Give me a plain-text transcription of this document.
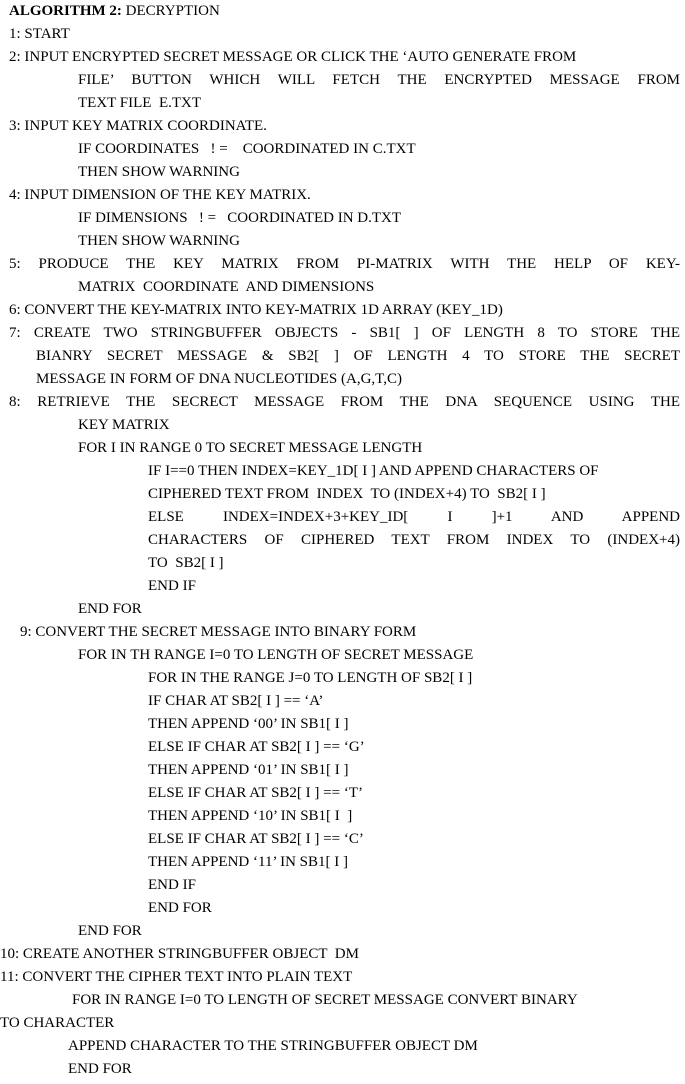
ALGORITHM 2: DECRYPTION
1: START
2: INPUT ENCRYPTED SECRET MESSAGE OR CLICK THE ‘AUTO GENERATE FROM
FILE’ BUTTON WHICH WILL FETCH THE ENCRYPTED MESSAGE FROM
TEXT FILE  E.TXT
3: INPUT KEY MATRIX COORDINATE.
IF COORDINATES   ! =    COORDINATED IN C.TXT
THEN SHOW WARNING
4: INPUT DIMENSION OF THE KEY MATRIX.
IF DIMENSIONS   ! =   COORDINATED IN D.TXT
THEN SHOW WARNING
5: PRODUCE THE KEY MATRIX FROM PI-MATRIX WITH THE HELP OF KEY-
MATRIX  COORDINATE  AND DIMENSIONS
6: CONVERT THE KEY-MATRIX INTO KEY-MATRIX 1D ARRAY (KEY_1D)
7: CREATE TWO STRINGBUFFER OBJECTS - SB1[ ] OF LENGTH 8 TO STORE THE
BIANRY SECRET MESSAGE & SB2[ ] OF LENGTH 4 TO STORE THE SECRET
MESSAGE IN FORM OF DNA NUCLEOTIDES (A,G,T,C)
8: RETRIEVE THE SECRECT MESSAGE FROM THE DNA SEQUENCE USING THE
KEY MATRIX
FOR I IN RANGE 0 TO SECRET MESSAGE LENGTH
IF I==0 THEN INDEX=KEY_1D[ I ] AND APPEND CHARACTERS OF
CIPHERED TEXT FROM  INDEX  TO (INDEX+4) TO  SB2[ I ]
ELSE INDEX=INDEX+3+KEY_ID[ I ]+1 AND APPEND
CHARACTERS OF CIPHERED TEXT FROM INDEX TO (INDEX+4)
TO  SB2[ I ]
END IF
END FOR
9: CONVERT THE SECRET MESSAGE INTO BINARY FORM
FOR IN TH RANGE I=0 TO LENGTH OF SECRET MESSAGE
FOR IN THE RANGE J=0 TO LENGTH OF SB2[ I ]
IF CHAR AT SB2[ I ] == ‘A’
THEN APPEND ‘00’ IN SB1[ I ]
ELSE IF CHAR AT SB2[ I ] == ‘G’
THEN APPEND ‘01’ IN SB1[ I ]
ELSE IF CHAR AT SB2[ I ] == ‘T’
THEN APPEND ‘10’ IN SB1[ I  ]
ELSE IF CHAR AT SB2[ I ] == ‘C’
THEN APPEND ‘11’ IN SB1[ I ]
END IF
END FOR
END FOR
10: CREATE ANOTHER STRINGBUFFER OBJECT  DM
11: CONVERT THE CIPHER TEXT INTO PLAIN TEXT
FOR IN RANGE I=0 TO LENGTH OF SECRET MESSAGE CONVERT BINARY
TO CHARACTER
APPEND CHARACTER TO THE STRINGBUFFER OBJECT DM
END FOR
